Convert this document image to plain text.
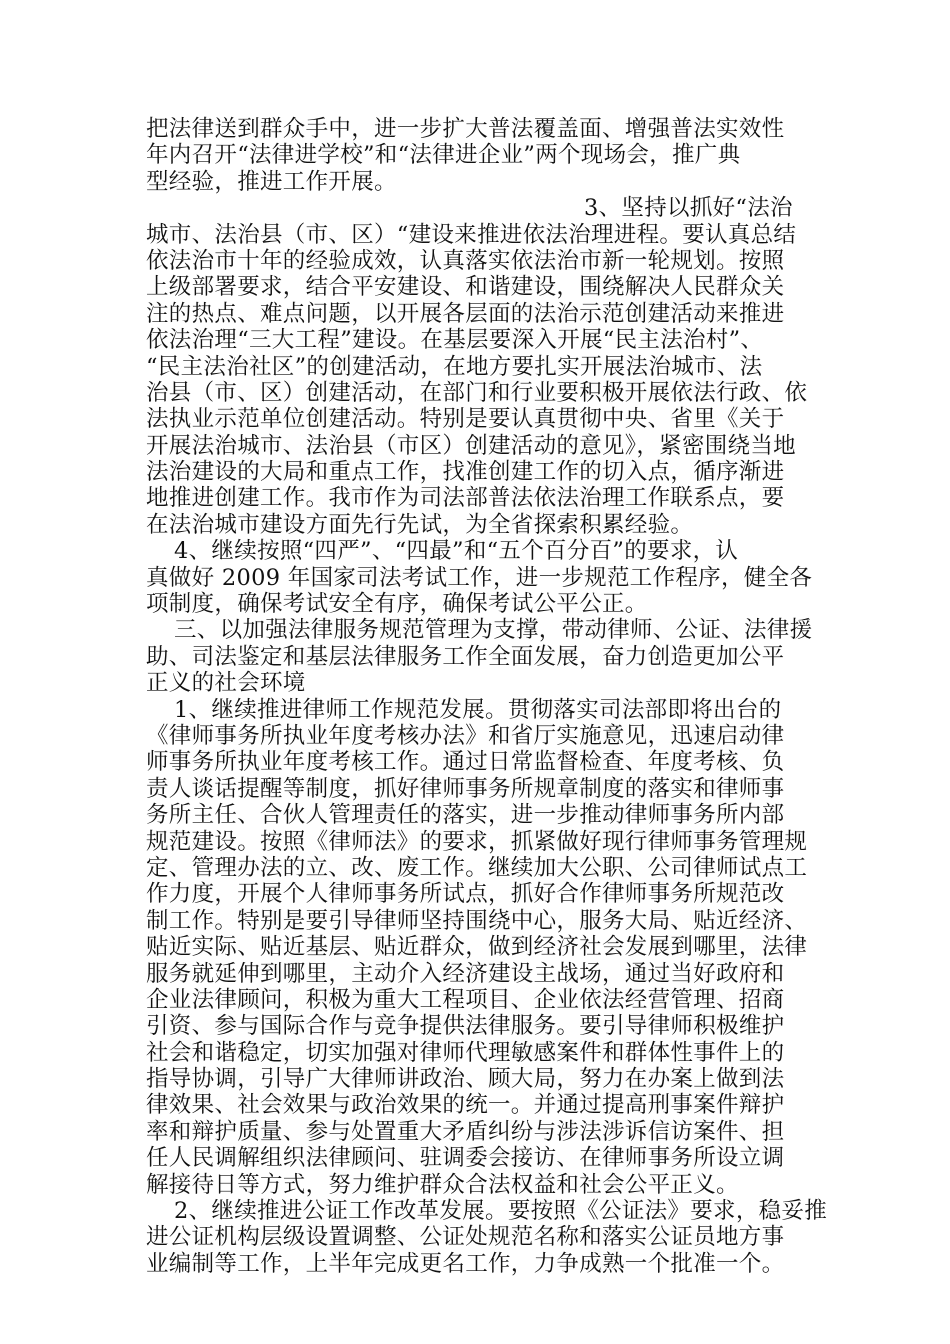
把法律送到群众手中，进一步扩大普法覆盖面、增强普法实效性
年内召开“法律进学校”和“法律进企业”两个现场会，推广典
型经验，推进工作开展。
3、坚持以抓好“法治
城市、法治县（市、区）“建设来推进依法治理进程。要认真总结
依法治市十年的经验成效，认真落实依法治市新一轮规划。按照
上级部署要求，结合平安建设、和谐建设，围绕解决人民群众关
注的热点、难点问题，以开展各层面的法治示范创建活动来推进
依法治理“三大工程”建设。在基层要深入开展“民主法治村”、
“民主法治社区”的创建活动，在地方要扎实开展法治城市、法
治县（市、区）创建活动，在部门和行业要积极开展依法行政、依
法执业示范单位创建活动。特别是要认真贯彻中央、省里《关于
开展法治城市、法治县（市区）创建活动的意见》，紧密围绕当地
法治建设的大局和重点工作，找准创建工作的切入点，循序渐进
地推进创建工作。我市作为司法部普法依法治理工作联系点，要
在法治城市建设方面先行先试，为全省探索积累经验。
4、继续按照“四严”、“四最”和“五个百分百”的要求，认
真做好 2009 年国家司法考试工作，进一步规范工作程序，健全各
项制度，确保考试安全有序，确保考试公平公正。
三、以加强法律服务规范管理为支撑，带动律师、公证、法律援
助、司法鉴定和基层法律服务工作全面发展，奋力创造更加公平
正义的社会环境
1、继续推进律师工作规范发展。贯彻落实司法部即将出台的
《律师事务所执业年度考核办法》和省厅实施意见，迅速启动律
师事务所执业年度考核工作。通过日常监督检查、年度考核、负
责人谈话提醒等制度，抓好律师事务所规章制度的落实和律师事
务所主任、合伙人管理责任的落实，进一步推动律师事务所内部
规范建设。按照《律师法》的要求，抓紧做好现行律师事务管理规
定、管理办法的立、改、废工作。继续加大公职、公司律师试点工
作力度，开展个人律师事务所试点，抓好合作律师事务所规范改
制工作。特别是要引导律师坚持围绕中心，服务大局、贴近经济、
贴近实际、贴近基层、贴近群众，做到经济社会发展到哪里，法律
服务就延伸到哪里，主动介入经济建设主战场，通过当好政府和
企业法律顾问，积极为重大工程项目、企业依法经营管理、招商
引资、参与国际合作与竞争提供法律服务。要引导律师积极维护
社会和谐稳定，切实加强对律师代理敏感案件和群体性事件上的
指导协调，引导广大律师讲政治、顾大局，努力在办案上做到法
律效果、社会效果与政治效果的统一。并通过提高刑事案件辩护
率和辩护质量、参与处置重大矛盾纠纷与涉法涉诉信访案件、担
任人民调解组织法律顾问、驻调委会接访、在律师事务所设立调
解接待日等方式，努力维护群众合法权益和社会公平正义。
2、继续推进公证工作改革发展。要按照《公证法》要求，稳妥推
进公证机构层级设置调整、公证处规范名称和落实公证员地方事
业编制等工作，上半年完成更名工作，力争成熟一个批准一个。
